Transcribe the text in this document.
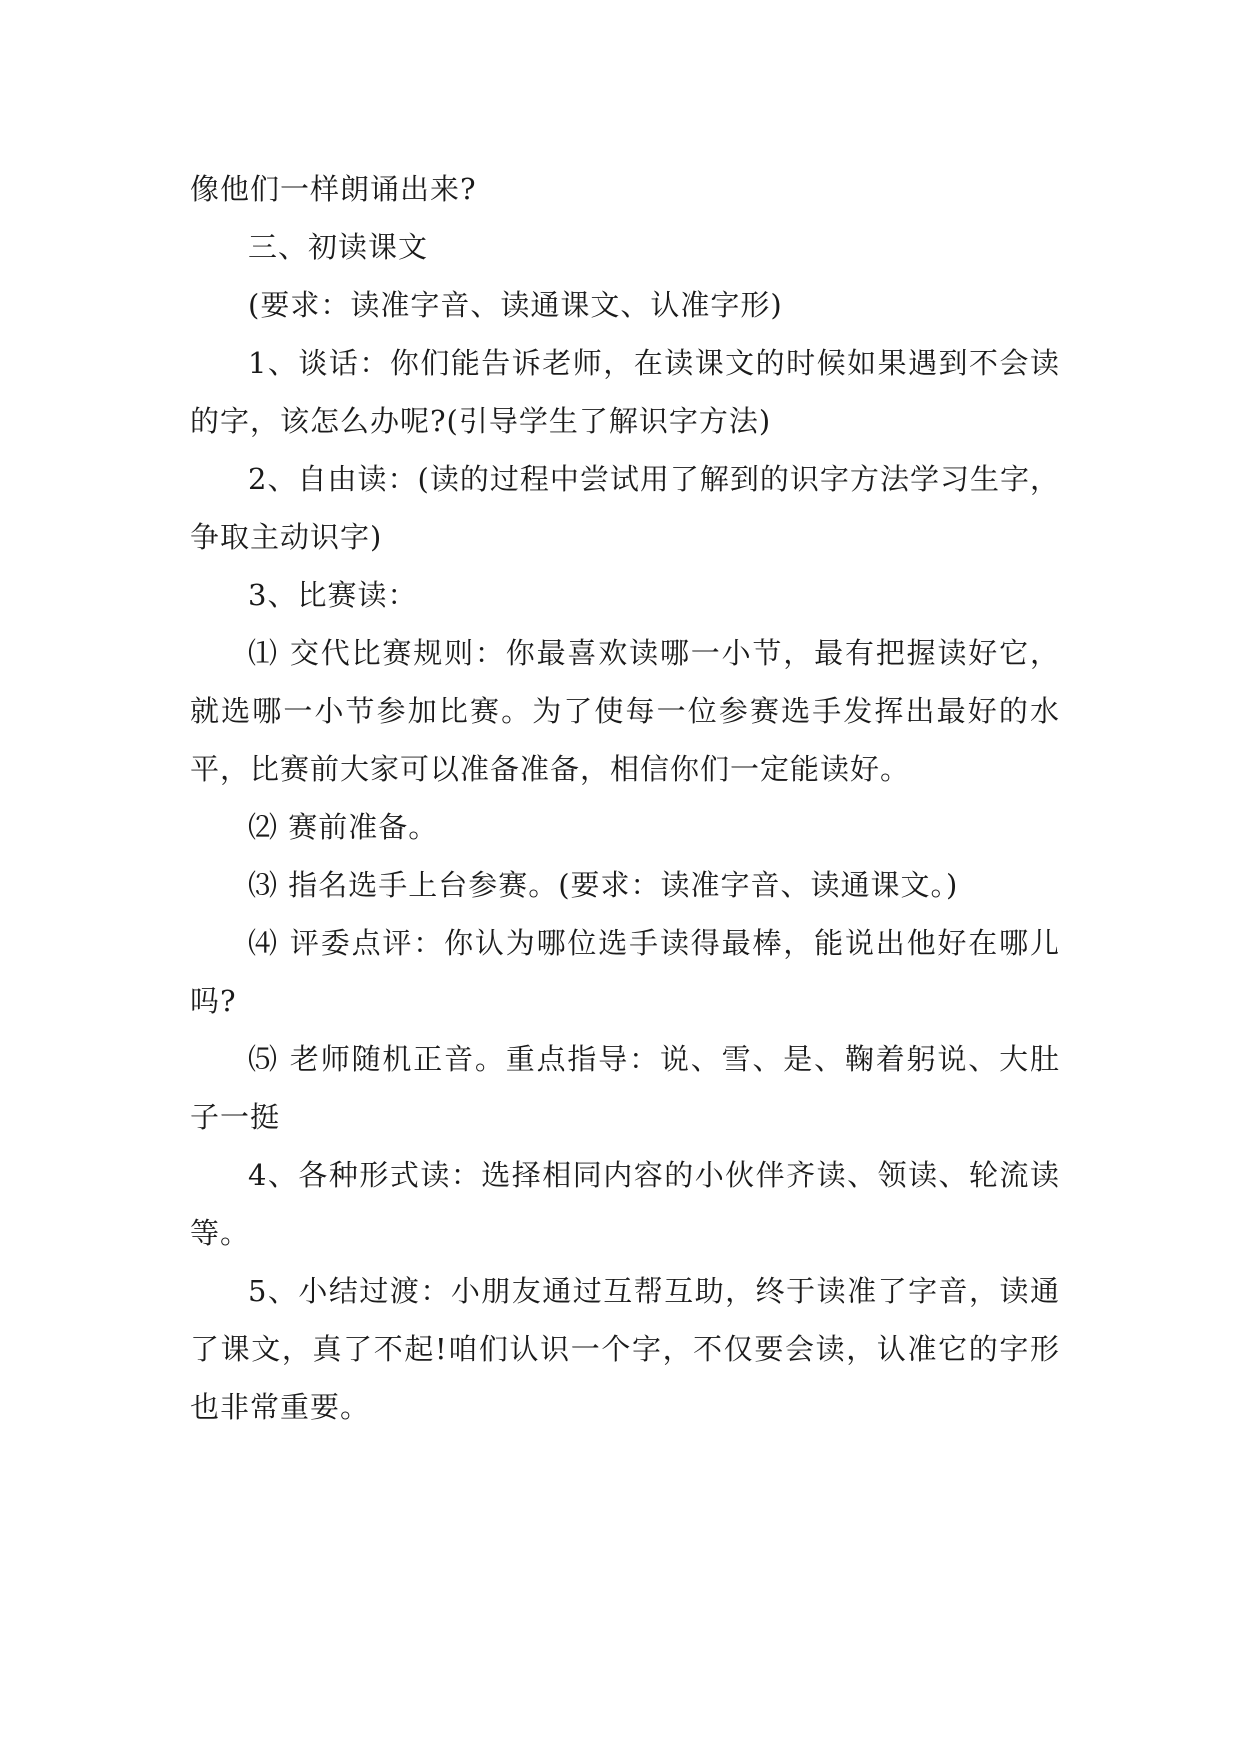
像他们一样朗诵出来?

三、初读课文

(要求：读准字音、读通课文、认准字形)

1、谈话：你们能告诉老师，在读课文的时候如果遇到不会读的字，该怎么办呢?(引导学生了解识字方法)

2、自由读：(读的过程中尝试用了解到的识字方法学习生字，争取主动识字)

3、比赛读：

⑴ 交代比赛规则：你最喜欢读哪一小节，最有把握读好它，就选哪一小节参加比赛。为了使每一位参赛选手发挥出最好的水平，比赛前大家可以准备准备，相信你们一定能读好。

⑵ 赛前准备。

⑶ 指名选手上台参赛。(要求：读准字音、读通课文。)

⑷ 评委点评：你认为哪位选手读得最棒，能说出他好在哪儿吗?

⑸ 老师随机正音。重点指导：说、雪、是、鞠着躬说、大肚子一挺

4、各种形式读：选择相同内容的小伙伴齐读、领读、轮流读等。

5、小结过渡：小朋友通过互帮互助，终于读准了字音，读通了课文，真了不起!咱们认识一个字，不仅要会读，认准它的字形也非常重要。
